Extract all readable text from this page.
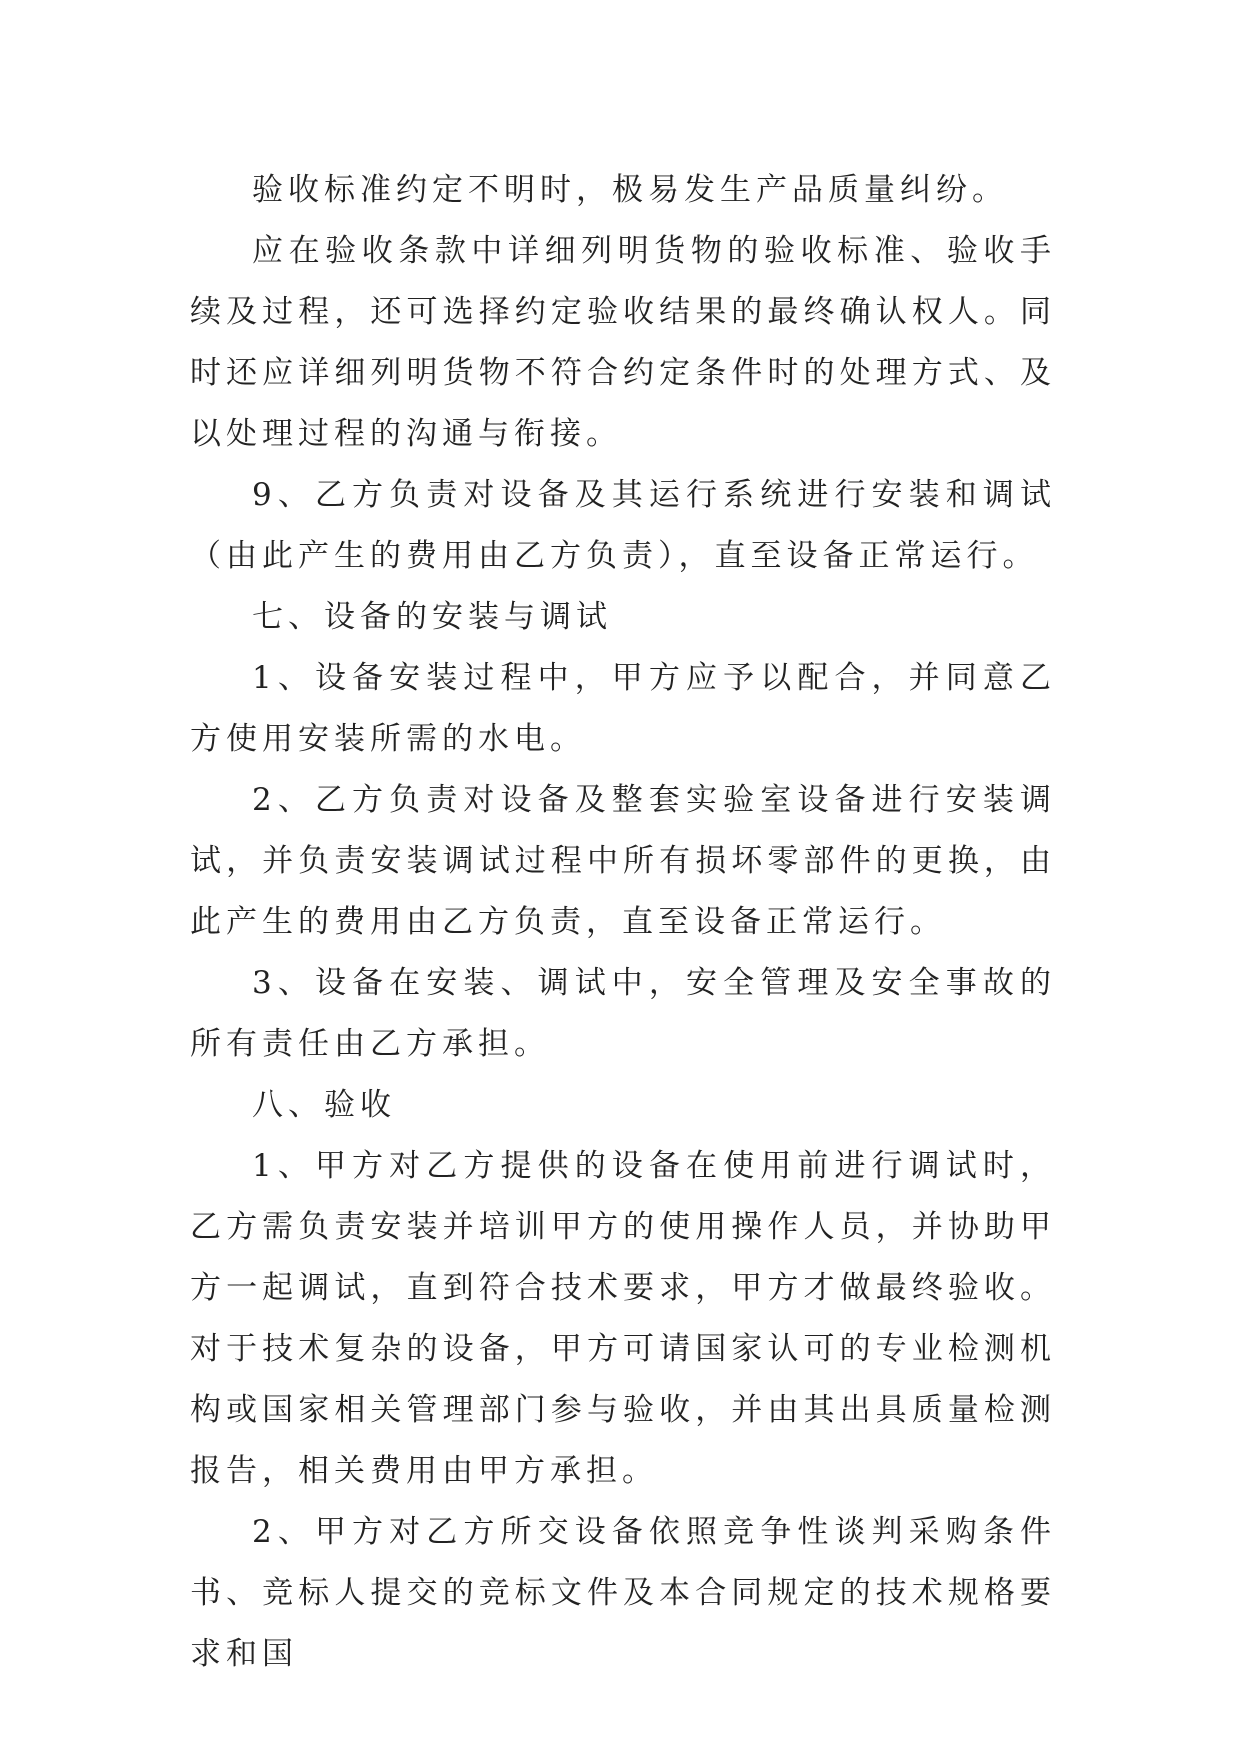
验收标准约定不明时，极易发生产品质量纠纷。

应在验收条款中详细列明货物的验收标准、验收手续及过程，还可选择约定验收结果的最终确认权人。同时还应详细列明货物不符合约定条件时的处理方式、及以处理过程的沟通与衔接。

9、乙方负责对设备及其运行系统进行安装和调试（由此产生的费用由乙方负责），直至设备正常运行。

七、设备的安装与调试

1、设备安装过程中，甲方应予以配合，并同意乙方使用安装所需的水电。

2、乙方负责对设备及整套实验室设备进行安装调试，并负责安装调试过程中所有损坏零部件的更换，由此产生的费用由乙方负责，直至设备正常运行。

3、设备在安装、调试中，安全管理及安全事故的所有责任由乙方承担。

八、验收

1、甲方对乙方提供的设备在使用前进行调试时，乙方需负责安装并培训甲方的使用操作人员，并协助甲方一起调试，直到符合技术要求，甲方才做最终验收。对于技术复杂的设备，甲方可请国家认可的专业检测机构或国家相关管理部门参与验收，并由其出具质量检测报告，相关费用由甲方承担。

2、甲方对乙方所交设备依照竞争性谈判采购条件书、竞标人提交的竞标文件及本合同规定的技术规格要求和国
